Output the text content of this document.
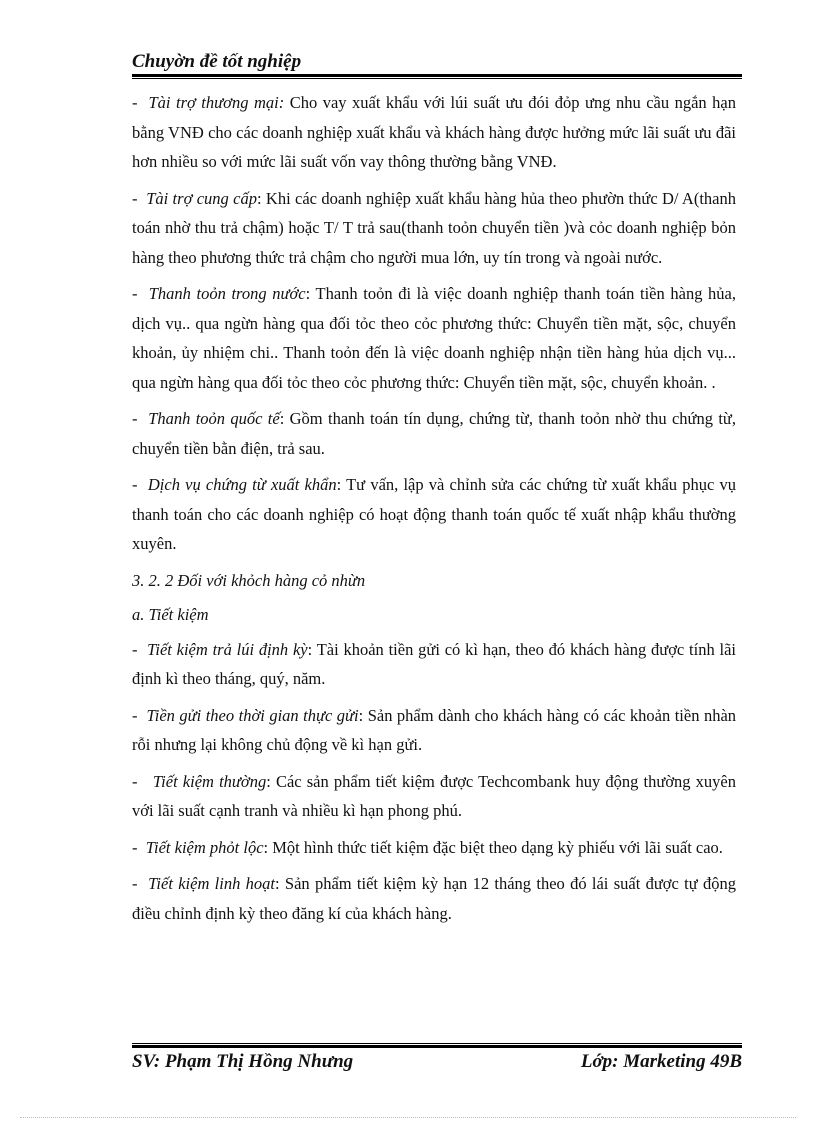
Chuyờn đề tốt nghiệp

- Tài trợ thương mại: Cho vay xuất khẩu với lúi suất ưu đói đỏp ưng nhu cầu ngắn hạn bằng VNĐ cho các doanh nghiệp xuất khẩu và khách hàng được hưởng mức lãi suất ưu đãi hơn nhiều so với mức lãi suất vốn vay thông thường bằng VNĐ.

- Tài trợ cung cấp: Khi các doanh nghiệp xuất khẩu hàng hủa theo phườn thức D/ A(thanh toán nhờ thu trả chậm) hoặc T/ T trả sau(thanh toỏn chuyển tiền )và cỏc doanh nghiệp bỏn hàng theo phương thức trả chậm cho người mua lớn, uy tín trong và ngoài nước.

- Thanh toỏn trong nước: Thanh toỏn đi là việc doanh nghiệp thanh toán tiền hàng hủa, dịch vụ.. qua ngừn hàng qua đối tỏc theo cỏc phương thức: Chuyển tiền mặt, sộc, chuyển khoản, ủy nhiệm chi.. Thanh toỏn đến là việc doanh nghiệp nhận tiền hàng hủa dịch vụ... qua ngừn hàng qua đối tỏc theo cỏc phương thức: Chuyển tiền mặt, sộc, chuyển khoản. .

- Thanh toỏn quốc tế: Gồm thanh toán tín dụng, chứng từ, thanh toỏn nhờ thu chứng từ, chuyển tiền bằn điện, trả sau.

- Dịch vụ chứng từ xuất khẩn: Tư vấn, lập và chỉnh sửa các chứng từ xuất khẩu phục vụ thanh toán cho các doanh nghiệp có hoạt động thanh toán quốc tế xuất nhập khẩu thường xuyên.

3. 2. 2 Đối với khỏch hàng cỏ nhừn

a. Tiết kiệm

- Tiết kiệm trả lúi định kỳ: Tài khoản tiền gửi có kì hạn, theo đó khách hàng được tính lãi định kì theo tháng, quý, năm.

- Tiền gửi theo thời gian thực gửi: Sản phẩm dành cho khách hàng có các khoản tiền nhàn rỗi nhưng lại không chủ động về kì hạn gửi.

- Tiết kiệm thường: Các sản phẩm tiết kiệm được Techcombank huy động thường xuyên với lãi suất cạnh tranh và nhiều kì hạn phong phú.

- Tiết kiệm phỏt lộc: Một hình thức tiết kiệm đặc biệt theo dạng kỳ phiếu với lãi suất cao.

- Tiết kiệm linh hoạt: Sản phẩm tiết kiệm kỳ hạn 12 tháng theo đó lái suất được tự động điều chỉnh định kỳ theo đăng kí của khách hàng.

SV: Phạm Thị Hồng Nhưng	Lớp: Marketing 49B
